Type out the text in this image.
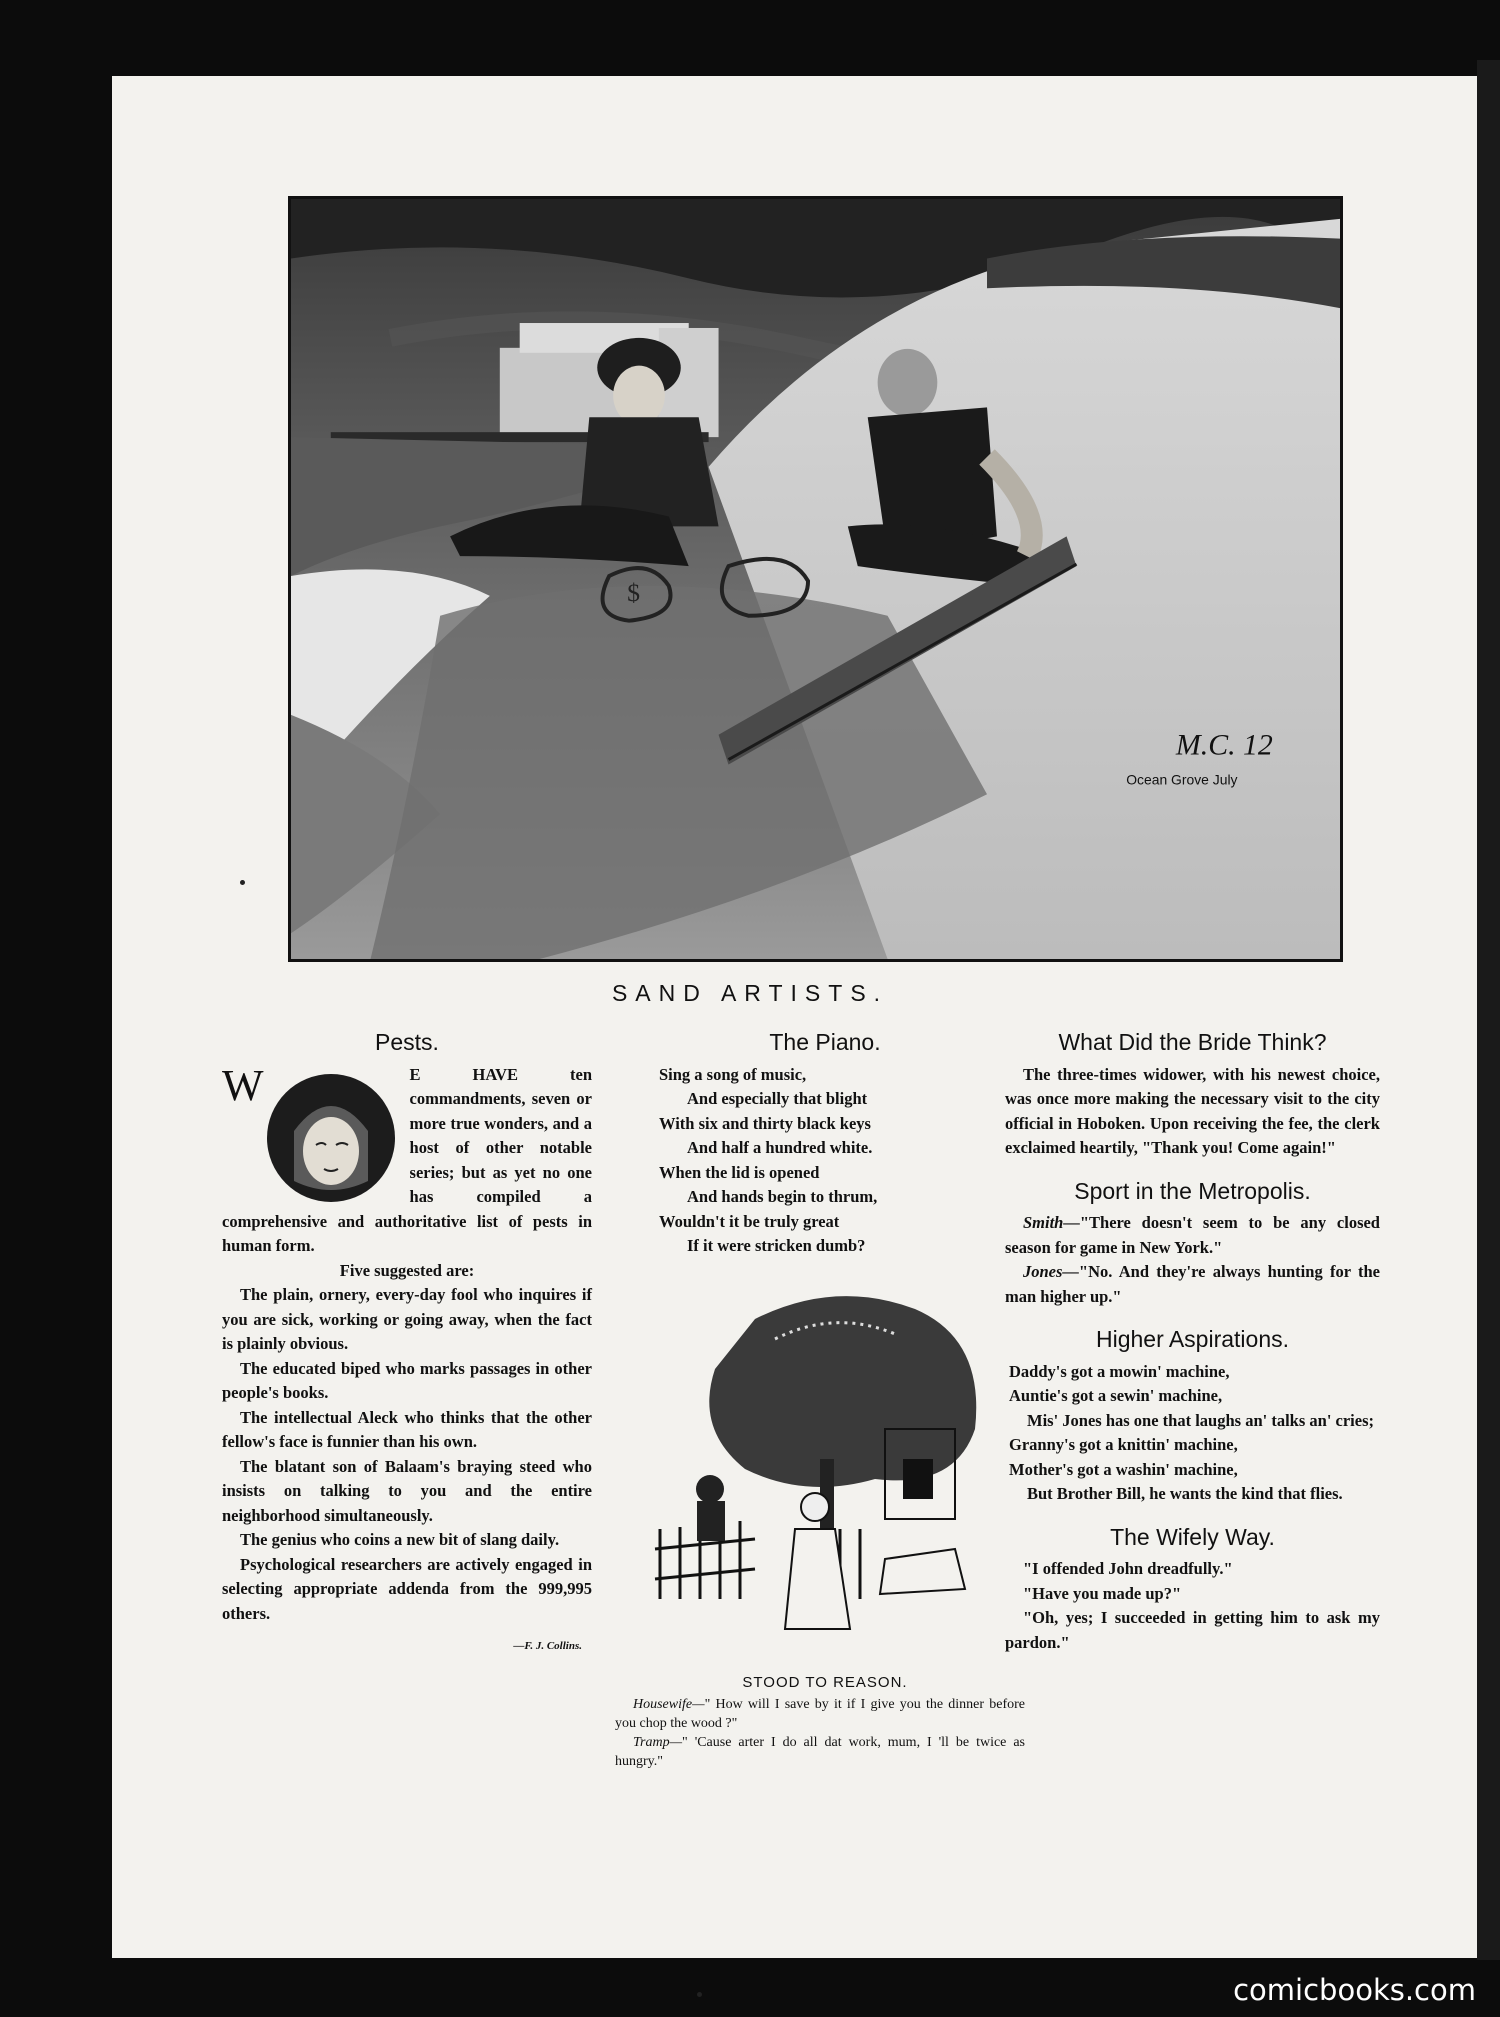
$
M.C. 12
Ocean Grove July
SAND ARTISTS.
Pests.

W	E HAVE	ten commandments, seven or more true wonders, and a host of other notable series; but as yet no one has compiled a comprehensive and authoritative list of pests in human form.

Five suggested are:

The plain, ornery, every-day fool who inquires if you are sick, working or going away, when the fact is plainly obvious.

The educated biped who marks passages in other people's books.

The intellectual Aleck who thinks that the other fellow's face is funnier than his own.

The blatant son of Balaam's braying steed who insists on talking to you and the entire neighborhood simultaneously.

The genius who coins a new bit of slang daily.

Psychological researchers are actively engaged in selecting appropriate addenda from the 999,995 others.

—F. J. Collins.
The Piano.
Sing a song of music,
And especially that blight
With six and thirty black keys
And half a hundred white.
When the lid is opened
And hands begin to thrum,
Wouldn't it be truly great
If it were stricken dumb?
STOOD TO REASON.

Housewife—" How will I save by it if I give you the dinner before you chop the wood ?"

Tramp—" 'Cause arter I do all dat work, mum, I 'll be twice as hungry."

What Did the Bride Think?

The three-times widower, with his newest choice, was once more making the necessary visit to the city official in Hoboken. Upon receiving the fee, the clerk exclaimed heartily, "Thank you! Come again!"

Sport in the Metropolis.

Smith—"There doesn't seem to be any closed season for game in New York."

Jones—"No. And they're always hunting for the man higher up."

Higher Aspirations.
Daddy's got a mowin' machine,
Auntie's got a sewin' machine,
Mis' Jones has one that laughs an' talks an' cries;
Granny's got a knittin' machine,
Mother's got a washin' machine,
But Brother Bill, he wants the kind that flies.
The Wifely Way.

"I offended John dreadfully."

"Have you made up?"

"Oh, yes; I succeeded in getting him to ask my pardon."

comicbooks.com
